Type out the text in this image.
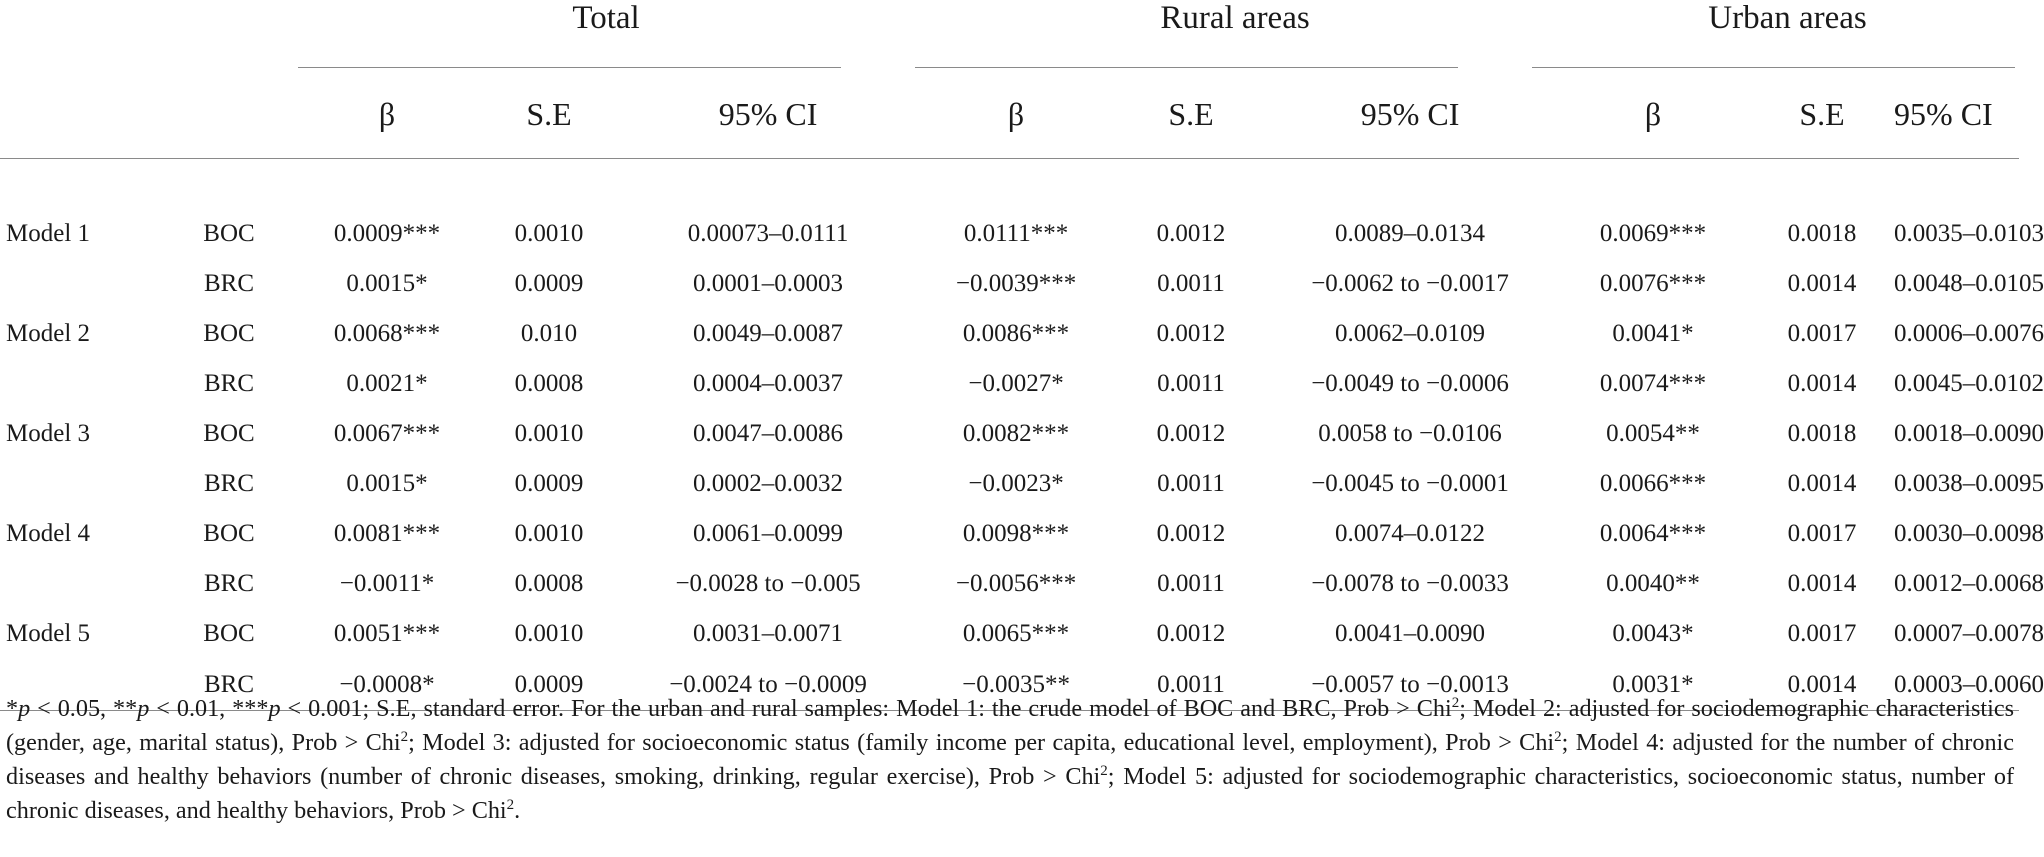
		Total			Rural areas			Urban areas		

		β	S.E	95% CI	β	S.E	95% CI	β	S.E	95% CI

Model 1	BOC	0.0009***	0.0010	0.00073–0.0111	0.0111***	0.0012	0.0089–0.0134	0.0069***	0.0018	0.0035–0.0103
	BRC	0.0015*	0.0009	0.0001–0.0003	−0.0039***	0.0011	−0.0062 to −0.0017	0.0076***	0.0014	0.0048–0.0105
Model 2	BOC	0.0068***	0.010	0.0049–0.0087	0.0086***	0.0012	0.0062–0.0109	0.0041*	0.0017	0.0006–0.0076
	BRC	0.0021*	0.0008	0.0004–0.0037	−0.0027*	0.0011	−0.0049 to −0.0006	0.0074***	0.0014	0.0045–0.0102
Model 3	BOC	0.0067***	0.0010	0.0047–0.0086	0.0082***	0.0012	0.0058 to −0.0106	0.0054**	0.0018	0.0018–0.0090
	BRC	0.0015*	0.0009	0.0002–0.0032	−0.0023*	0.0011	−0.0045 to −0.0001	0.0066***	0.0014	0.0038–0.0095
Model 4	BOC	0.0081***	0.0010	0.0061–0.0099	0.0098***	0.0012	0.0074–0.0122	0.0064***	0.0017	0.0030–0.0098
	BRC	−0.0011*	0.0008	−0.0028 to −0.005	−0.0056***	0.0011	−0.0078 to −0.0033	0.0040**	0.0014	0.0012–0.0068
Model 5	BOC	0.0051***	0.0010	0.0031–0.0071	0.0065***	0.0012	0.0041–0.0090	0.0043*	0.0017	0.0007–0.0078
	BRC	−0.0008*	0.0009	−0.0024 to −0.0009	−0.0035**	0.0011	−0.0057 to −0.0013	0.0031*	0.0014	0.0003–0.0060
*p < 0.05, **p < 0.01, ***p < 0.001; S.E, standard error. For the urban and rural samples: Model 1: the crude model of BOC and BRC, Prob > Chi$^2$; Model 2: adjusted for sociodemographic characteristics (gender, age, marital status), Prob > Chi$^2$; Model 3: adjusted for socioeconomic status (family income per capita, educational level, employment), Prob > Chi$^2$; Model 4: adjusted for the number of chronic diseases and healthy behaviors (number of chronic diseases, smoking, drinking, regular exercise), Prob > Chi$^2$; Model 5: adjusted for sociodemographic characteristics, socioeconomic status, number of chronic diseases, and healthy behaviors, Prob > Chi$^2$.
